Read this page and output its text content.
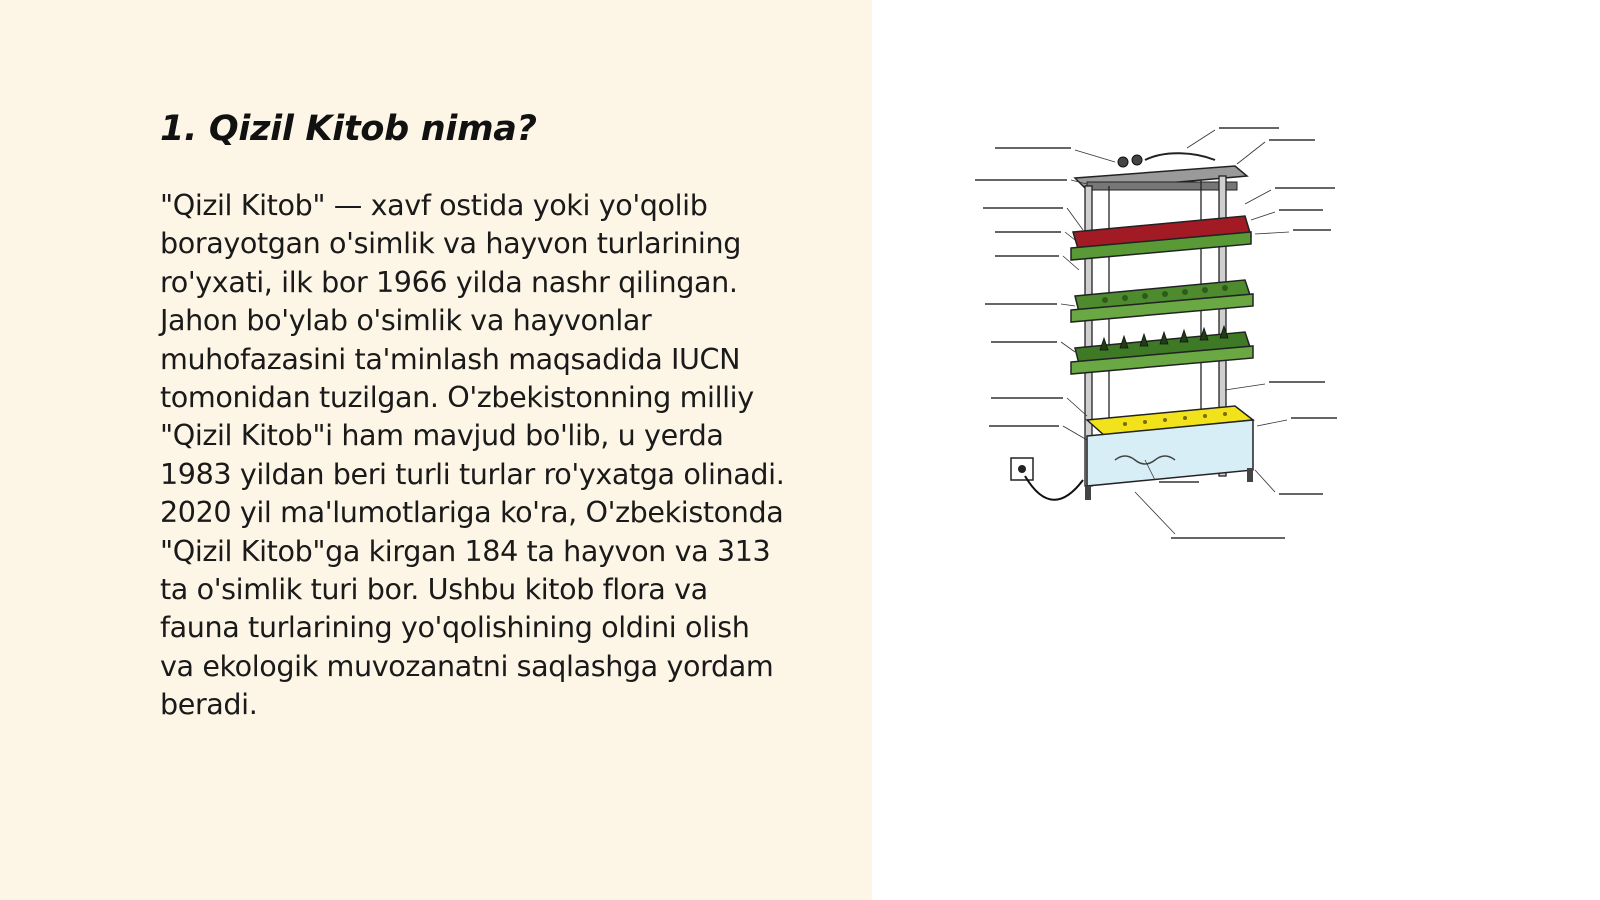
1. Qizil Kitob nima?
"Qizil Kitob" — xavf ostida yoki yo'qolib
borayotgan o'simlik va hayvon turlarining
ro'yxati, ilk bor 1966 yilda nashr qilingan.
Jahon bo'ylab o'simlik va hayvonlar
muhofazasini ta'minlash maqsadida IUCN
tomonidan tuzilgan. O'zbekistonning milliy
"Qizil Kitob"i ham mavjud bo'lib, u yerda
1983 yildan beri turli turlar ro'yxatga olinadi.
2020 yil ma'lumotlariga ko'ra, O'zbekistonda
"Qizil Kitob"ga kirgan 184 ta hayvon va 313
ta o'simlik turi bor. Ushbu kitob flora va
fauna turlarining yo'qolishining oldini olish
va ekologik muvozanatni saqlashga yordam
beradi.
